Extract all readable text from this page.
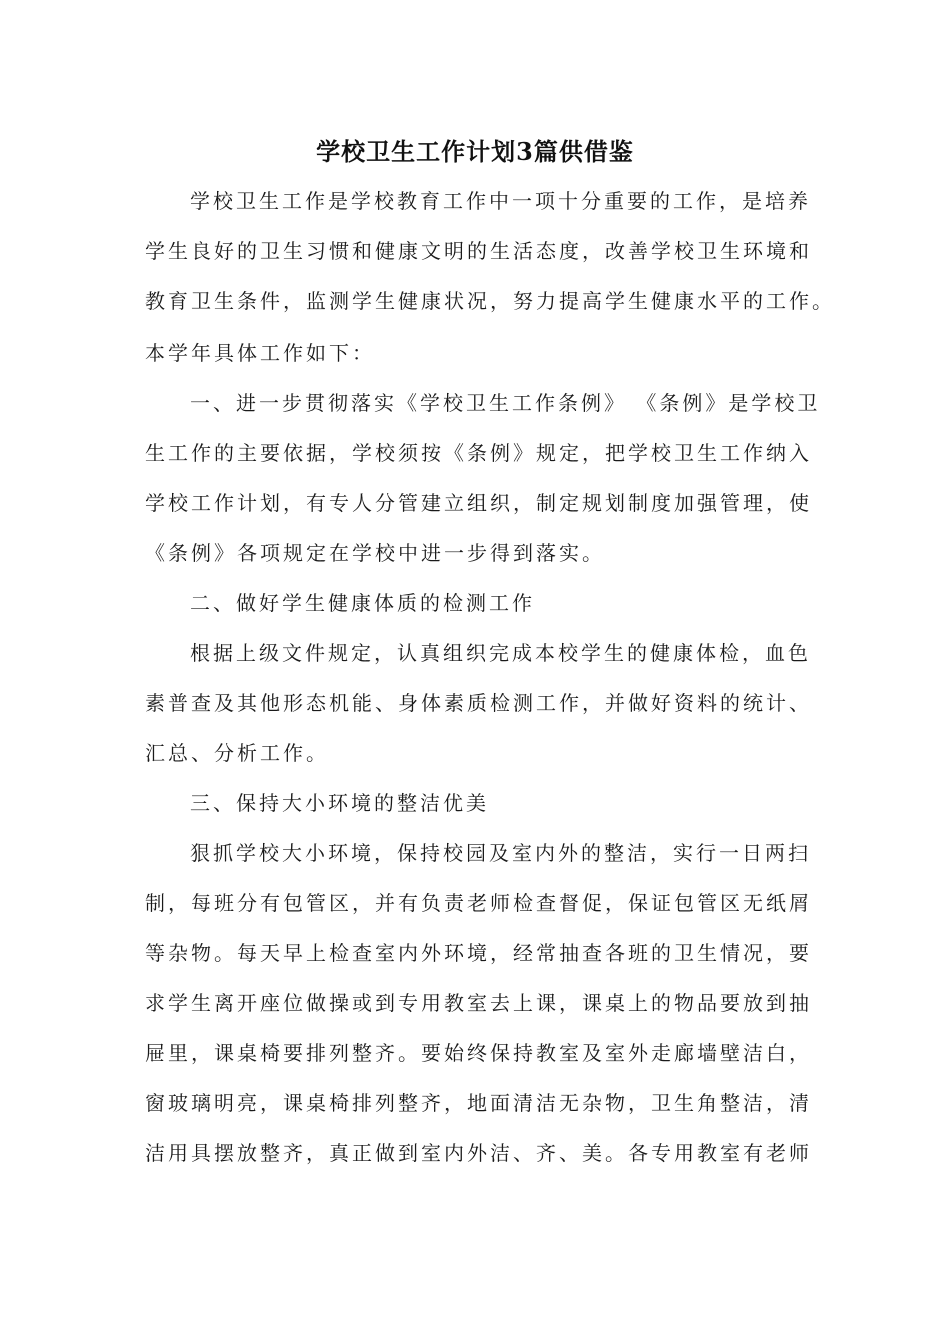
学校卫生工作计划3篇供借鉴
学校卫生工作是学校教育工作中一项十分重要的工作，是培养
学生良好的卫生习惯和健康文明的生活态度，改善学校卫生环境和
教育卫生条件，监测学生健康状况，努力提高学生健康水平的工作。
本学年具体工作如下：
一、进一步贯彻落实《学校卫生工作条例》 《条例》是学校卫
生工作的主要依据，学校须按《条例》规定，把学校卫生工作纳入
学校工作计划，有专人分管建立组织，制定规划制度加强管理，使
《条例》各项规定在学校中进一步得到落实。
二、做好学生健康体质的检测工作
根据上级文件规定，认真组织完成本校学生的健康体检，血色
素普查及其他形态机能、身体素质检测工作，并做好资料的统计、
汇总、分析工作。
三、保持大小环境的整洁优美
狠抓学校大小环境，保持校园及室内外的整洁，实行一日两扫
制，每班分有包管区，并有负责老师检查督促，保证包管区无纸屑
等杂物。每天早上检查室内外环境，经常抽查各班的卫生情况，要
求学生离开座位做操或到专用教室去上课，课桌上的物品要放到抽
屉里，课桌椅要排列整齐。要始终保持教室及室外走廊墙壁洁白，
窗玻璃明亮，课桌椅排列整齐，地面清洁无杂物，卫生角整洁，清
洁用具摆放整齐，真正做到室内外洁、齐、美。各专用教室有老师
